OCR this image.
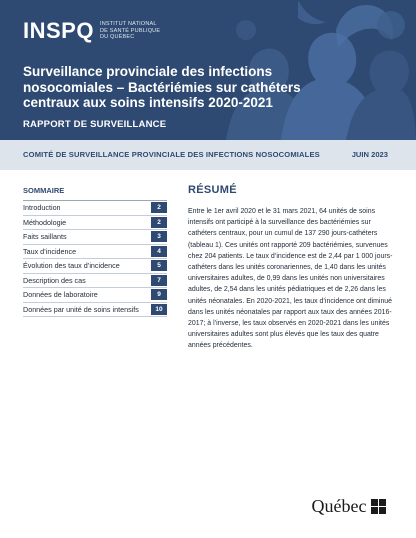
INSPQ INSTITUT NATIONAL
DE SANTÉ PUBLIQUE
DU QUÉBEC
Surveillance provinciale des infections nosocomiales – Bactériémies sur cathéters centraux aux soins intensifs 2020-2021
RAPPORT DE SURVEILLANCE
COMITÉ DE SURVEILLANCE PROVINCIALE DES INFECTIONS NOSOCOMIALES	JUIN 2023
SOMMAIRE
Introduction	2
Méthodologie	2
Faits saillants	3
Taux d’incidence	4
Évolution des taux d’incidence	5
Description des cas	7
Données de laboratoire	9
Données par unité de soins intensifs	10
RÉSUMÉ

Entre le 1er avril 2020 et le 31 mars 2021, 64 unités de soins intensifs ont participé à la surveillance des bactériémies sur cathéters centraux, pour un cumul de 137 290 jours-cathéters (tableau 1). Ces unités ont rapporté 209 bactériémies, survenues chez 204 patients. Le taux d’incidence est de 2,44 par 1 000 jours-cathéters dans les unités coronariennes, de 1,40 dans les unités universitaires adultes, de 0,99 dans les unités non universitaires adultes, de 2,54 dans les unités pédiatriques et de 2,26 dans les unités néonatales. En 2020-2021, les taux d’incidence ont diminué dans les unités néonatales par rapport aux taux des années 2016-2017; à l’inverse, les taux observés en 2020-2021 dans les unités universitaires adultes sont plus élevés que les taux des quatre années précédentes.

Québec
